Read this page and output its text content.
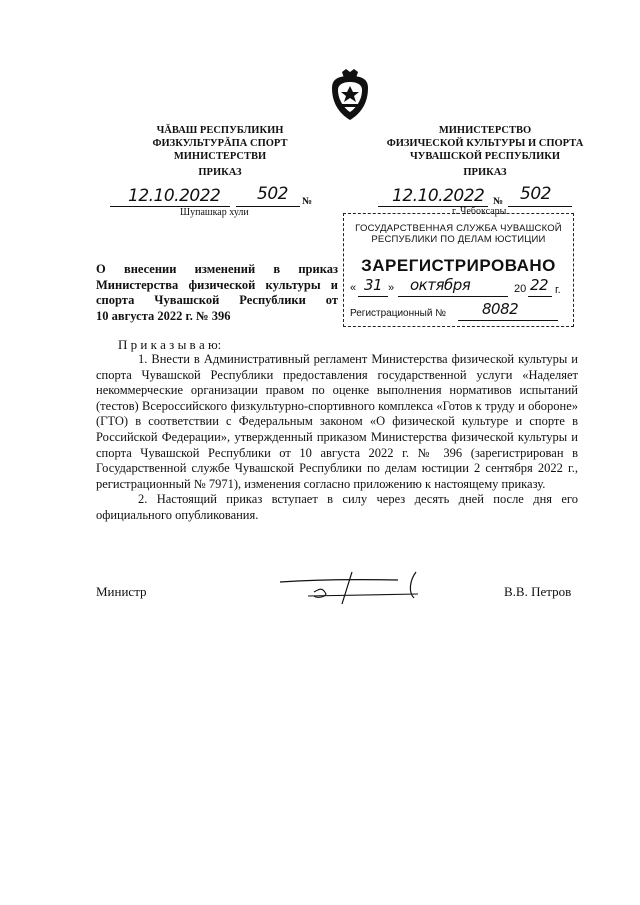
ЧĂВАШ РЕСПУБЛИКИН
ФИЗКУЛЬТУРĂПА СПОРТ
МИНИСТЕРСТВИ
ПРИКАЗ
12.10.2022 502 №
Шупашкар хули
МИНИСТЕРСТВО
ФИЗИЧЕСКОЙ КУЛЬТУРЫ И СПОРТА
ЧУВАШСКОЙ РЕСПУБЛИКИ
ПРИКАЗ
12.10.2022 № 502
г. Чебоксары
ГОСУДАРСТВЕННАЯ СЛУЖБА ЧУВАШСКОЙ
РЕСПУБЛИКИ ПО ДЕЛАМ ЮСТИЦИИ
ЗАРЕГИСТРИРОВАНО
« 31 » октября	20 22 г.
Регистрационный № 8082
О внесении изменений в приказ
Министерства физической культуры и
спорта Чувашской Республики от
10 августа 2022 г. № 396
П р и к а з ы в а ю:

1. Внести в Административный регламент Министерства физической культуры и спорта Чувашской Республики предоставления государственной услуги «Наделяет некоммерческие организации правом по оценке выполнения нормативов испытаний (тестов) Всероссийского физкультурно-спортивного комплекса «Готов к труду и обороне» (ГТО) в соответствии с Федеральным законом «О физической культуре и спорте в Российской Федерации», утвержденный приказом Министерства физической культуры и спорта Чувашской Республики от 10 августа 2022 г. № 396 (зарегистрирован в Государственной службе Чувашской Республики по делам юстиции 2 сентября 2022 г., регистрационный № 7971), изменения согласно приложению к настоящему приказу.

2. Настоящий приказ вступает в силу через десять дней после дня его официального опубликования.

Министр	В.В. Петров
